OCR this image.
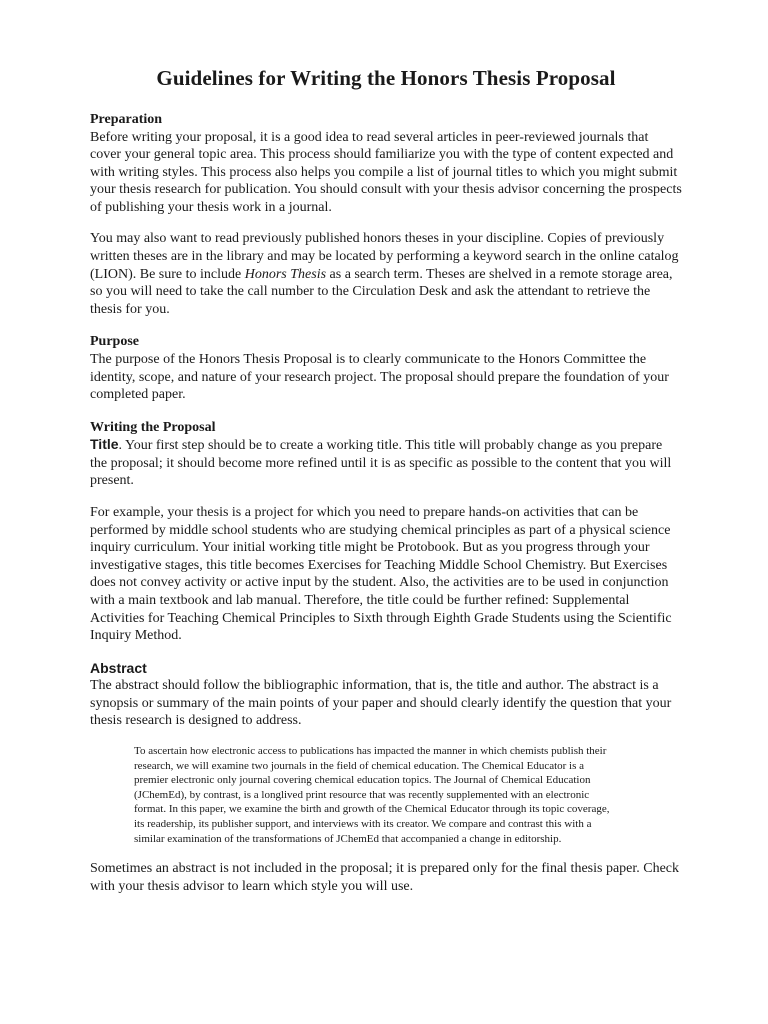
Guidelines for Writing the Honors Thesis Proposal
Preparation

Before writing your proposal, it is a good idea to read several articles in peer-reviewed journals that cover your general topic area. This process should familiarize you with the type of content expected and with writing styles. This process also helps you compile a list of journal titles to which you might submit your thesis research for publication. You should consult with your thesis advisor concerning the prospects of publishing your thesis work in a journal.

You may also want to read previously published honors theses in your discipline. Copies of previously written theses are in the library and may be located by performing a keyword search in the online catalog (LION). Be sure to include Honors Thesis as a search term. Theses are shelved in a remote storage area, so you will need to take the call number to the Circulation Desk and ask the attendant to retrieve the thesis for you.

Purpose

The purpose of the Honors Thesis Proposal is to clearly communicate to the Honors Committee the identity, scope, and nature of your research project. The proposal should prepare the foundation of your completed paper.

Writing the Proposal

Title. Your first step should be to create a working title. This title will probably change as you prepare the proposal; it should become more refined until it is as specific as possible to the content that you will present.

For example, your thesis is a project for which you need to prepare hands-on activities that can be performed by middle school students who are studying chemical principles as part of a physical science inquiry curriculum. Your initial working title might be Protobook. But as you progress through your investigative stages, this title becomes Exercises for Teaching Middle School Chemistry. But Exercises does not convey activity or active input by the student. Also, the activities are to be used in conjunction with a main textbook and lab manual. Therefore, the title could be further refined: Supplemental Activities for Teaching Chemical Principles to Sixth through Eighth Grade Students using the Scientific Inquiry Method.

Abstract

The abstract should follow the bibliographic information, that is, the title and author. The abstract is a synopsis or summary of the main points of your paper and should clearly identify the question that your thesis research is designed to address.

To ascertain how electronic access to publications has impacted the manner in which chemists publish their research, we will examine two journals in the field of chemical education. The Chemical Educator is a premier electronic only journal covering chemical education topics. The Journal of Chemical Education (JChemEd), by contrast, is a longlived print resource that was recently supplemented with an electronic format. In this paper, we examine the birth and growth of the Chemical Educator through its topic coverage, its readership, its publisher support, and interviews with its creator. We compare and contrast this with a similar examination of the transformations of JChemEd that accompanied a change in editorship.

Sometimes an abstract is not included in the proposal; it is prepared only for the final thesis paper. Check with your thesis advisor to learn which style you will use.
